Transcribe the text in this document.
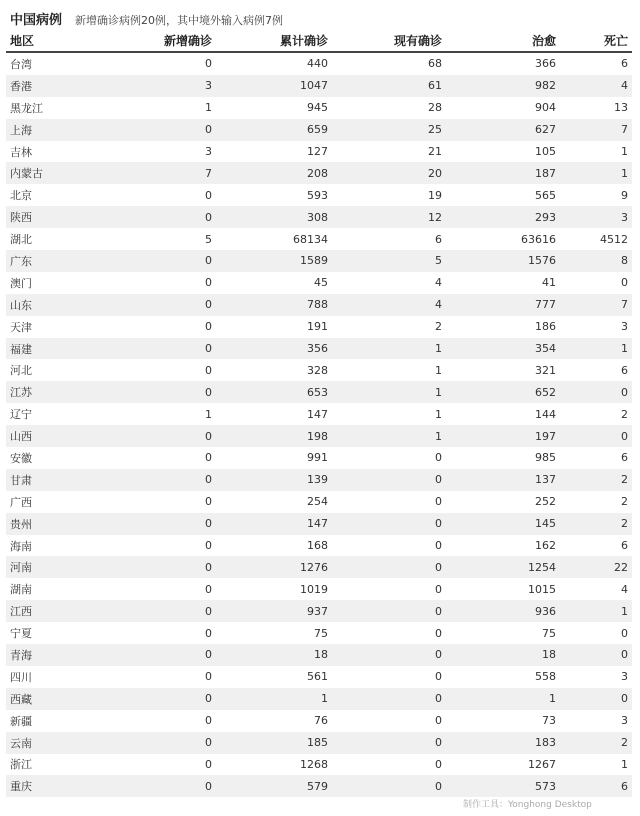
中国病例 新增确诊病例20例，其中境外输入病例7例
地区	新增确诊	累计确诊	现有确诊	治愈	死亡
台湾	0	440	68	366	6
香港	3	1047	61	982	4
黑龙江	1	945	28	904	13
上海	0	659	25	627	7
吉林	3	127	21	105	1
内蒙古	7	208	20	187	1
北京	0	593	19	565	9
陕西	0	308	12	293	3
湖北	5	68134	6	63616	4512
广东	0	1589	5	1576	8
澳门	0	45	4	41	0
山东	0	788	4	777	7
天津	0	191	2	186	3
福建	0	356	1	354	1
河北	0	328	1	321	6
江苏	0	653	1	652	0
辽宁	1	147	1	144	2
山西	0	198	1	197	0
安徽	0	991	0	985	6
甘肃	0	139	0	137	2
广西	0	254	0	252	2
贵州	0	147	0	145	2
海南	0	168	0	162	6
河南	0	1276	0	1254	22
湖南	0	1019	0	1015	4
江西	0	937	0	936	1
宁夏	0	75	0	75	0
青海	0	18	0	18	0
四川	0	561	0	558	3
西藏	0	1	0	1	0
新疆	0	76	0	73	3
云南	0	185	0	183	2
浙江	0	1268	0	1267	1
重庆	0	579	0	573	6
制作工具：Yonghong Desktop
